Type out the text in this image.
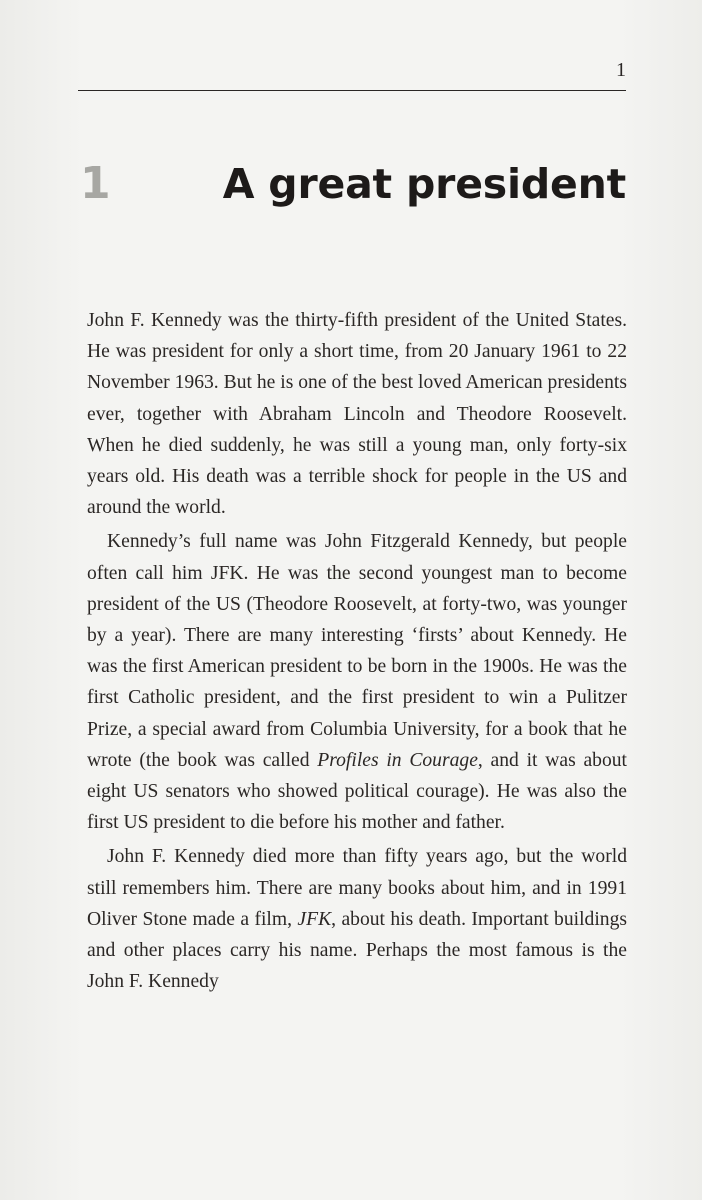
1
1	A great president

John F. Kennedy was the thirty-fifth president of the United States. He was president for only a short time, from 20 January 1961 to 22 November 1963. But he is one of the best loved American presidents ever, together with Abraham Lincoln and Theodore Roosevelt. When he died suddenly, he was still a young man, only forty-six years old. His death was a terrible shock for people in the US and around the world.

Kennedy’s full name was John Fitzgerald Kennedy, but people often call him JFK. He was the second youngest man to become president of the US (Theodore Roosevelt, at forty-two, was younger by a year). There are many interesting ‘firsts’ about Kennedy. He was the first American president to be born in the 1900s. He was the first Catholic president, and the first president to win a Pulitzer Prize, a special award from Columbia University, for a book that he wrote (the book was called Profiles in Courage, and it was about eight US senators who showed political courage). He was also the first US president to die before his mother and father.

John F. Kennedy died more than fifty years ago, but the world still remembers him. There are many books about him, and in 1991 Oliver Stone made a film, JFK, about his death. Important buildings and other places carry his name. Perhaps the most famous is the John F. Kennedy
